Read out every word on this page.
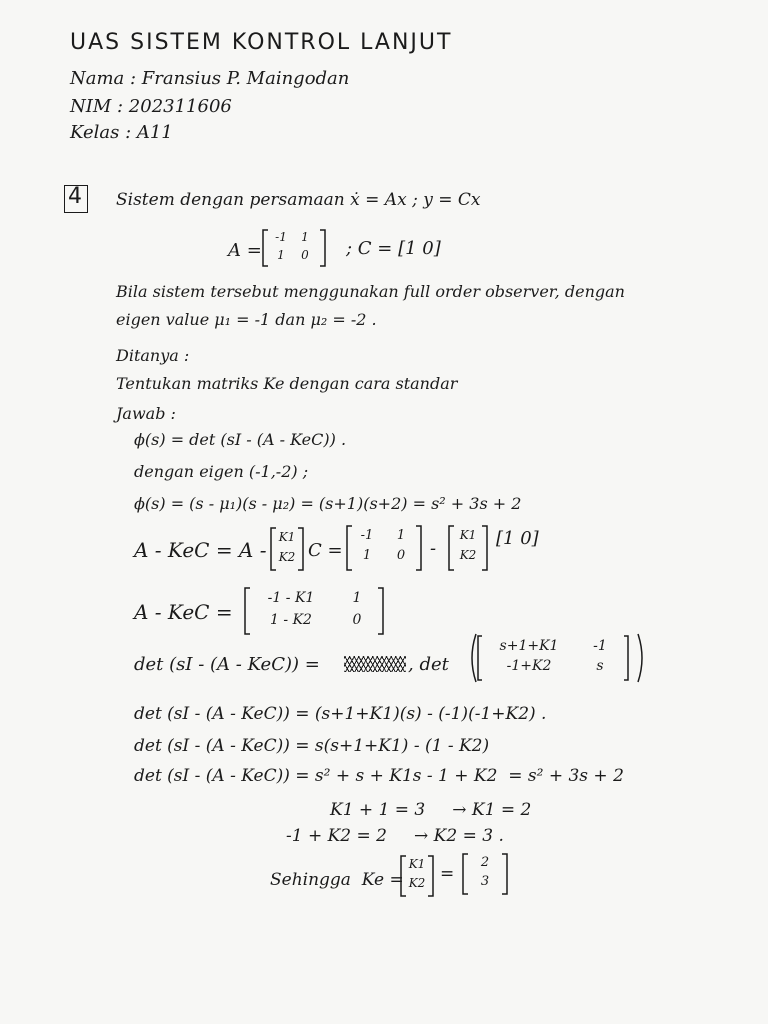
UAS SISTEM KONTROL LANJUT
Nama : Fransius P. Maingodan
NIM : 202311606
Kelas : A11
4 Sistem dengan persamaan ẋ = Ax ; y = Cx
A =
-1	1
1	0	; C = [1 0]
Bila sistem tersebut menggunakan full order observer, dengan
eigen value μ₁ = -1 dan μ₂ = -2 .
Ditanya :
Tentukan matriks Ke dengan cara standar
Jawab :
ϕ(s) = det (sI - (A - KeC)) .
dengan eigen (-1,-2) ;
ϕ(s) = (s - μ₁)(s - μ₂) = (s+1)(s+2) = s² + 3s + 2
A - KeC = A -
K1
K2 C =
-1	1
1	0	-
K1
K2
[1 0]
A - KeC =
-1 - K1	1
1 - K2	0
det (sI - (A - KeC)) =	, det
s+1+K1	-1
-1+K2	s
det (sI - (A - KeC)) = (s+1+K1)(s) - (-1)(-1+K2) .
det (sI - (A - KeC)) = s(s+1+K1) - (1 - K2)
det (sI - (A - KeC)) = s² + s + K1s - 1 + K2  = s² + 3s + 2
K1 + 1 = 3     → K1 = 2
-1 + K2 = 2     → K2 = 3 .
Sehingga  Ke =
K1
K2 =
2
3
